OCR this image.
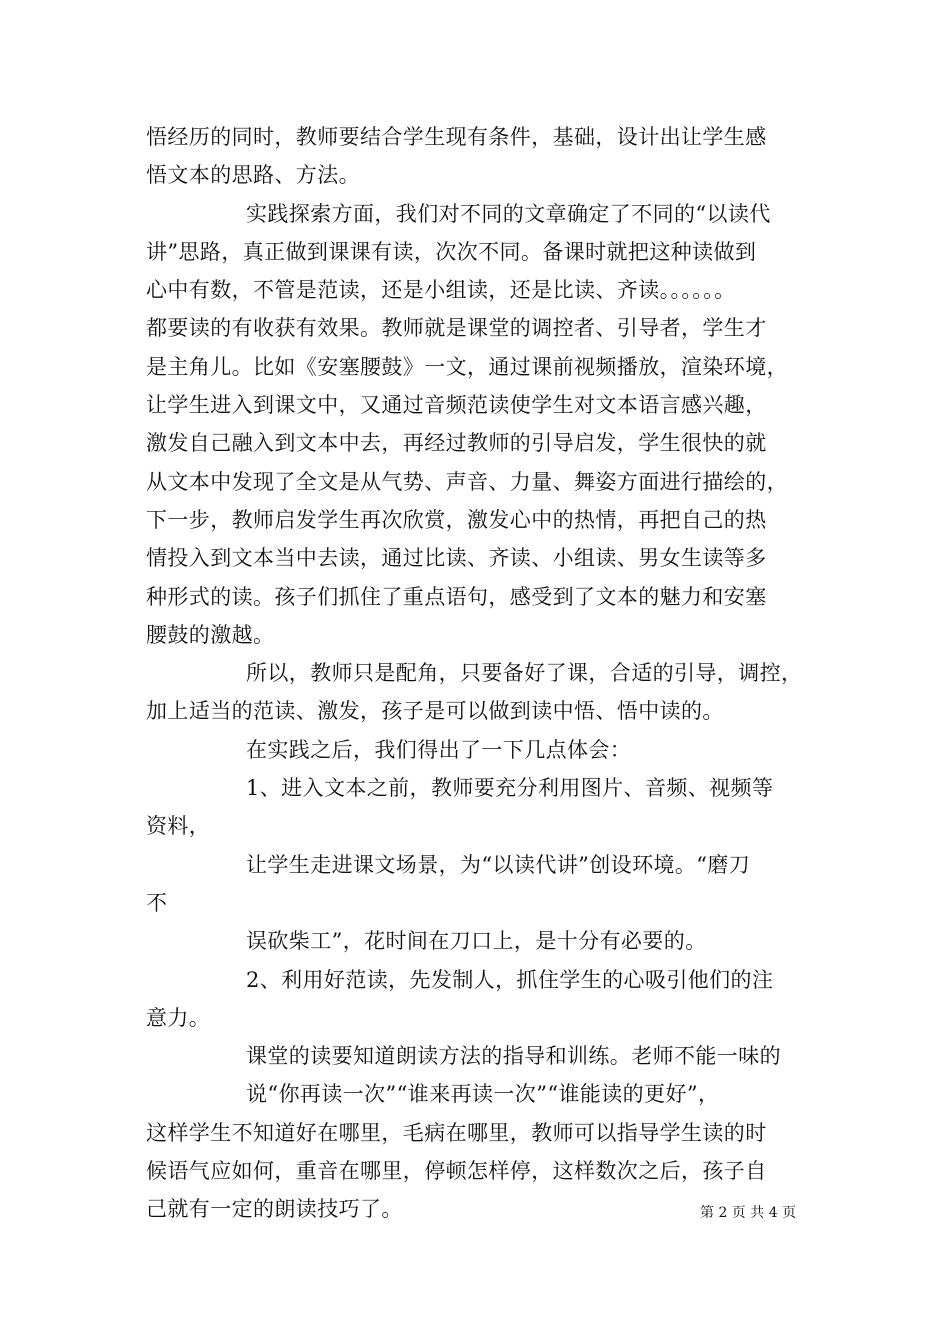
悟经历的同时，教师要结合学生现有条件，基础，设计出让学生感
悟文本的思路、方法。
实践探索方面，我们对不同的文章确定了不同的“以读代
讲”思路，真正做到课课有读，次次不同。备课时就把这种读做到
心中有数，不管是范读，还是小组读，还是比读、齐读。。。。。。
都要读的有收获有效果。教师就是课堂的调控者、引导者，学生才
是主角儿。比如《安塞腰鼓》一文，通过课前视频播放，渲染环境，
让学生进入到课文中，又通过音频范读使学生对文本语言感兴趣，
激发自己融入到文本中去，再经过教师的引导启发，学生很快的就
从文本中发现了全文是从气势、声音、力量、舞姿方面进行描绘的，
下一步，教师启发学生再次欣赏，激发心中的热情，再把自己的热
情投入到文本当中去读，通过比读、齐读、小组读、男女生读等多
种形式的读。孩子们抓住了重点语句，感受到了文本的魅力和安塞
腰鼓的激越。
所以，教师只是配角，只要备好了课，合适的引导，调控，
加上适当的范读、激发，孩子是可以做到读中悟、悟中读的。
在实践之后，我们得出了一下几点体会：
1、进入文本之前，教师要充分利用图片、音频、视频等
资料，
让学生走进课文场景，为“以读代讲”创设环境。“磨刀
不
误砍柴工”，花时间在刀口上，是十分有必要的。
2、利用好范读，先发制人，抓住学生的心吸引他们的注
意力。
课堂的读要知道朗读方法的指导和训练。老师不能一味的
说“你再读一次”“谁来再读一次”“谁能读的更好”，
这样学生不知道好在哪里，毛病在哪里，教师可以指导学生读的时
候语气应如何，重音在哪里，停顿怎样停，这样数次之后，孩子自
己就有一定的朗读技巧了。	第 2 页 共 4 页
